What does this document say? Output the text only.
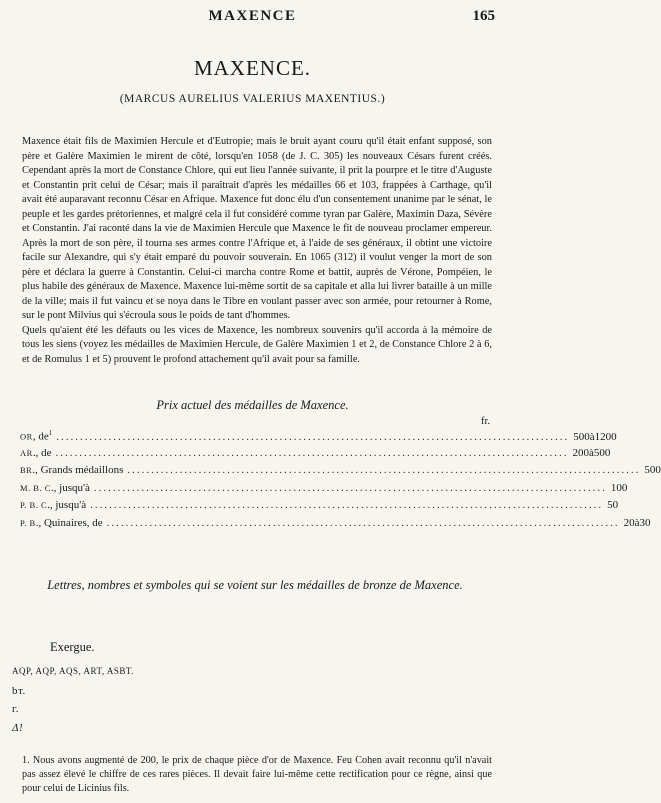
MAXENCE	165
MAXENCE.
(MARCUS AURELIUS VALERIUS MAXENTIUS.)

Maxence était fils de Maximien Hercule et d'Eutropie; mais le bruit ayant couru qu'il était enfant supposé, son père et Galère Maximien le mirent de côté, lorsqu'en 1058 (de J. C. 305) les nouveaux Césars furent créés. Cependant après la mort de Constance Chlore, qui eut lieu l'année suivante, il prit la pourpre et le titre d'Auguste et Constantin prit celui de César; mais il paraîtrait d'après les médailles 66 et 103, frappées à Carthage, qu'il avait été auparavant reconnu César en Afrique. Maxence fut donc élu d'un consentement unanime par le sénat, le peuple et les gardes prétoriennes, et malgré cela il fut considéré comme tyran par Galère, Maximin Daza, Sévère et Constantin. J'ai raconté dans la vie de Maximien Hercule que Maxence le fit de nouveau proclamer empereur. Après la mort de son père, il tourna ses armes contre l'Afrique et, à l'aide de ses généraux, il obtint une victoire facile sur Alexandre, qui s'y était emparé du pouvoir souverain. En 1065 (312) il voulut venger la mort de son père et déclara la guerre à Constantin. Celui-ci marcha contre Rome et battit, auprès de Vérone, Pompéien, le plus habile des généraux de Maxence. Maxence lui-même sortit de sa capitale et alla lui livrer bataille à un mille de la ville; mais il fut vaincu et se noya dans le Tibre en voulant passer avec son armée, pour retourner à Rome, sur le pont Milvius qui s'écroula sous le poids de tant d'hommes.

Quels qu'aient été les défauts ou les vices de Maxence, les nombreux souvenirs qu'il accorda à la mémoire de tous les siens (voyez les médailles de Maximien Hercule, de Galère Maximien 1 et 2, de Constance Chlore 2 à 6, et de Romulus 1 et 5) prouvent le profond attachement qu'il avait pour sa famille.

Prix actuel des médailles de Maxence.
fr.
OR, $de^1$ ............................................................................................................ 500 à 1200
AR., de ............................................................................................................ 200 à 500
BR., Grands médaillons ............................................................................................................ 500
M. B. C., jusqu'à ............................................................................................................ 100
P. B. C., jusqu'à ............................................................................................................ 50
P. B., Quinaires, de ............................................................................................................ 20 à 30
Lettres, nombres et symboles qui se voient sur les médailles de bronze de Maxence.
Exergue.
AQP, AQP, AQS, ART, ASBT.
bт.
г.
Δ!
1. Nous avons augmenté de 200, le prix de chaque pièce d'or de Maxence. Feu Cohen avait reconnu qu'il n'avait pas assez élevé le chiffre de ces rares pièces. Il devait faire lui-même cette rectification pour ce règne, ainsi que pour celui de Licinius fils.
